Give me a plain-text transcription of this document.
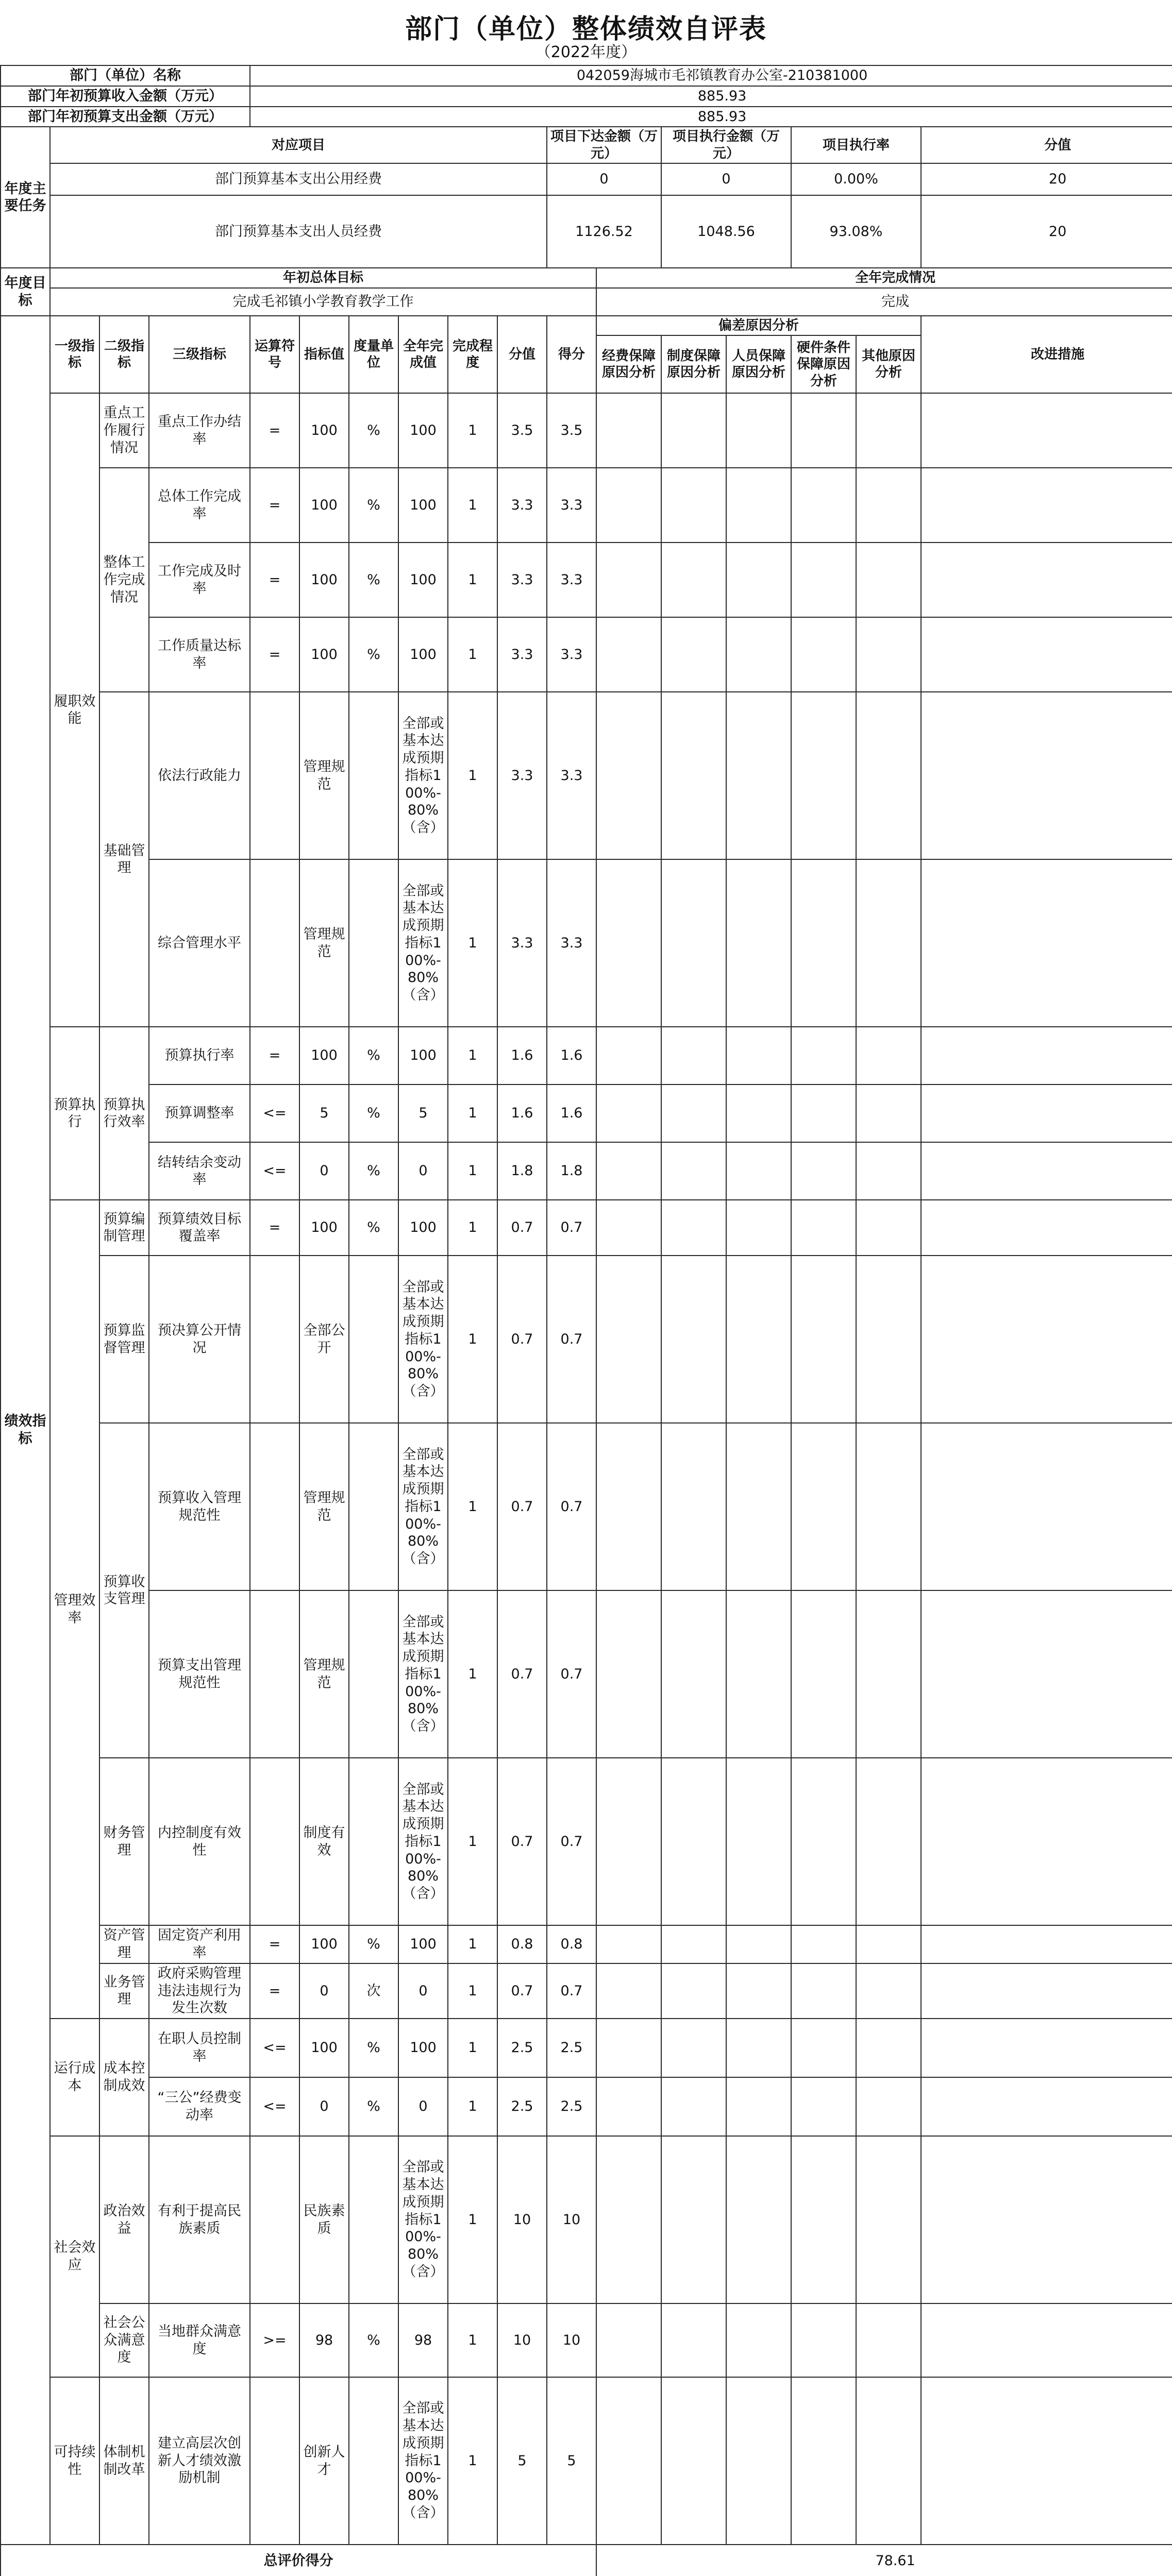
部门（单位）整体绩效自评表
（2022年度）
部门（单位）名称				042059海城市毛祁镇教育办公室-210381000													
部门年初预算收入金额（万元）				885.93													
部门年初预算支出金额（万元）				885.93													
年度主要任务	对应项目									项目下达金额（万元）		项目执行金额（万元）		项目执行率		分值	
	部门预算基本支出公用经费									0		0		0.00%		20	
	部门预算基本支出人员经费									1126.52		1048.56		93.08%		20	
年度目标	年初总体目标										全年完成情况						
	完成毛祁镇小学教育教学工作										完成						
绩效指标	一级指标	二级指标	三级指标	运算符号	指标值	度量单位	全年完成值	完成程度	分值	得分	偏差原因分析					改进措施	
											经费保障原因分析	制度保障原因分析	人员保障原因分析	硬件条件保障原因分析	其他原因分析		
	履职效能	重点工作履行情况	重点工作办结率	=	100	%	100	1	3.5	3.5							
		整体工作完成情况	总体工作完成率	=	100	%	100	1	3.3	3.3							
			工作完成及时率	=	100	%	100	1	3.3	3.3							
			工作质量达标率	=	100	%	100	1	3.3	3.3							
		基础管理	依法行政能力		管理规范		全部或基本达成预期指标100%-80%（含）	1	3.3	3.3							
			综合管理水平		管理规范		全部或基本达成预期指标100%-80%（含）	1	3.3	3.3							
	预算执行	预算执行效率	预算执行率	=	100	%	100	1	1.6	1.6							
			预算调整率	<=	5	%	5	1	1.6	1.6							
			结转结余变动率	<=	0	%	0	1	1.8	1.8							
	管理效率	预算编制管理	预算绩效目标覆盖率	=	100	%	100	1	0.7	0.7							
		预算监督管理	预决算公开情况		全部公开		全部或基本达成预期指标100%-80%（含）	1	0.7	0.7							
		预算收支管理	预算收入管理规范性		管理规范		全部或基本达成预期指标100%-80%（含）	1	0.7	0.7							
			预算支出管理规范性		管理规范		全部或基本达成预期指标100%-80%（含）	1	0.7	0.7							
		财务管理	内控制度有效性		制度有效		全部或基本达成预期指标100%-80%（含）	1	0.7	0.7							
		资产管理	固定资产利用率	=	100	%	100	1	0.8	0.8							
		业务管理	政府采购管理违法违规行为发生次数	=	0	次	0	1	0.7	0.7							
	运行成本	成本控制成效	在职人员控制率	<=	100	%	100	1	2.5	2.5							
			“三公”经费变动率	<=	0	%	0	1	2.5	2.5							
	社会效应	政治效益	有利于提高民族素质		民族素质		全部或基本达成预期指标100%-80%（含）	1	10	10							
		社会公众满意度	当地群众满意度	>=	98	%	98	1	10	10							
	可持续性	体制机制改革	建立高层次创新人才绩效激励机制		创新人才		全部或基本达成预期指标100%-80%（含）	1	5	5							
总评价得分											78.61						
